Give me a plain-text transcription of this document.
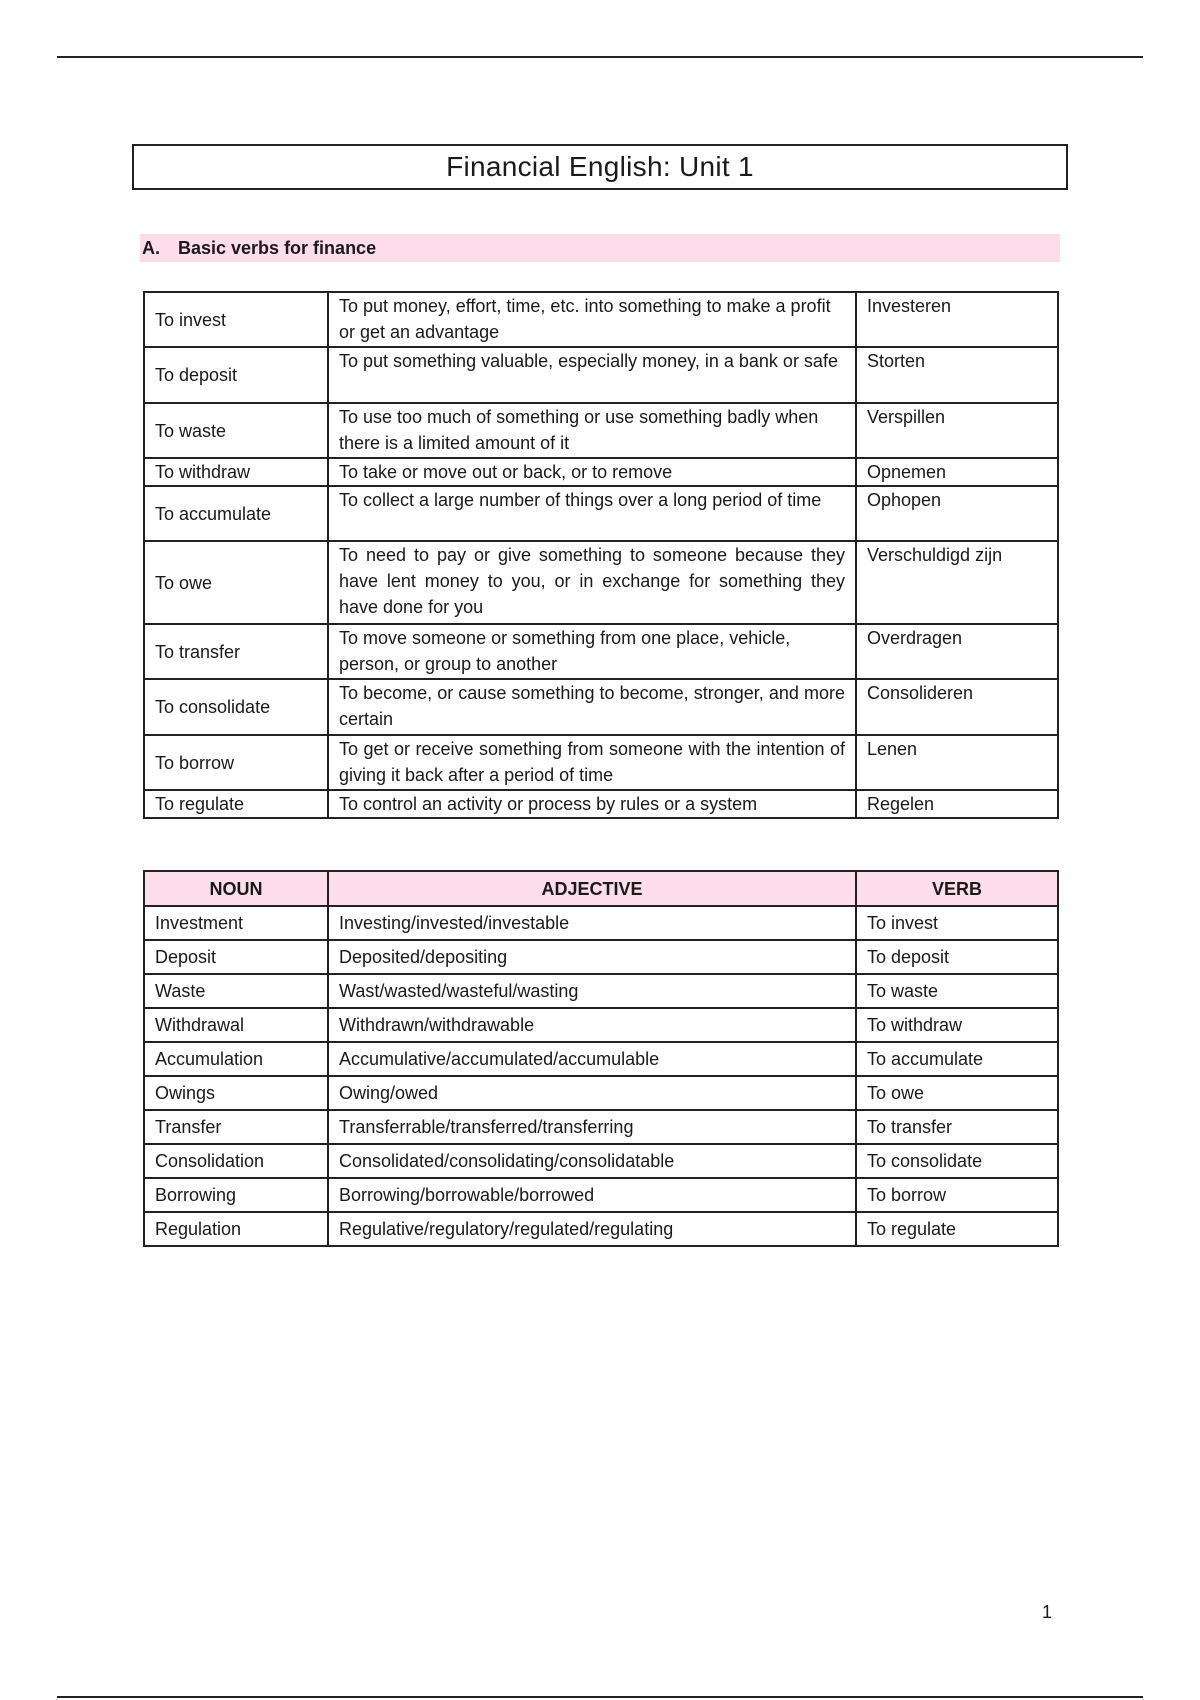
Financial English: Unit 1
A.	Basic verbs for finance
To invest	To put money, effort, time, etc. into something to make a profit or get an advantage	Investeren
To deposit	To put something valuable, especially money, in a bank or safe	Storten
To waste	To use too much of something or use something badly when there is a limited amount of it	Verspillen
To withdraw	To take or move out or back, or to remove	Opnemen
To accumulate	To collect a large number of things over a long period of time	Ophopen
To owe	To need to pay or give something to someone because they have lent money to you, or in exchange for something they have done for you	Verschuldigd zijn
To transfer	To move someone or something from one place, vehicle, person, or group to another	Overdragen
To consolidate	To become, or cause something to become, stronger, and more certain	Consolideren
To borrow	To get or receive something from someone with the intention of giving it back after a period of time	Lenen
To regulate	To control an activity or process by rules or a system	Regelen
NOUN	ADJECTIVE	VERB
Investment	Investing/invested/investable	To invest
Deposit	Deposited/depositing	To deposit
Waste	Wast/wasted/wasteful/wasting	To waste
Withdrawal	Withdrawn/withdrawable	To withdraw
Accumulation	Accumulative/accumulated/accumulable	To accumulate
Owings	Owing/owed	To owe
Transfer	Transferrable/transferred/transferring	To transfer
Consolidation	Consolidated/consolidating/consolidatable	To consolidate
Borrowing	Borrowing/borrowable/borrowed	To borrow
Regulation	Regulative/regulatory/regulated/regulating	To regulate
1
